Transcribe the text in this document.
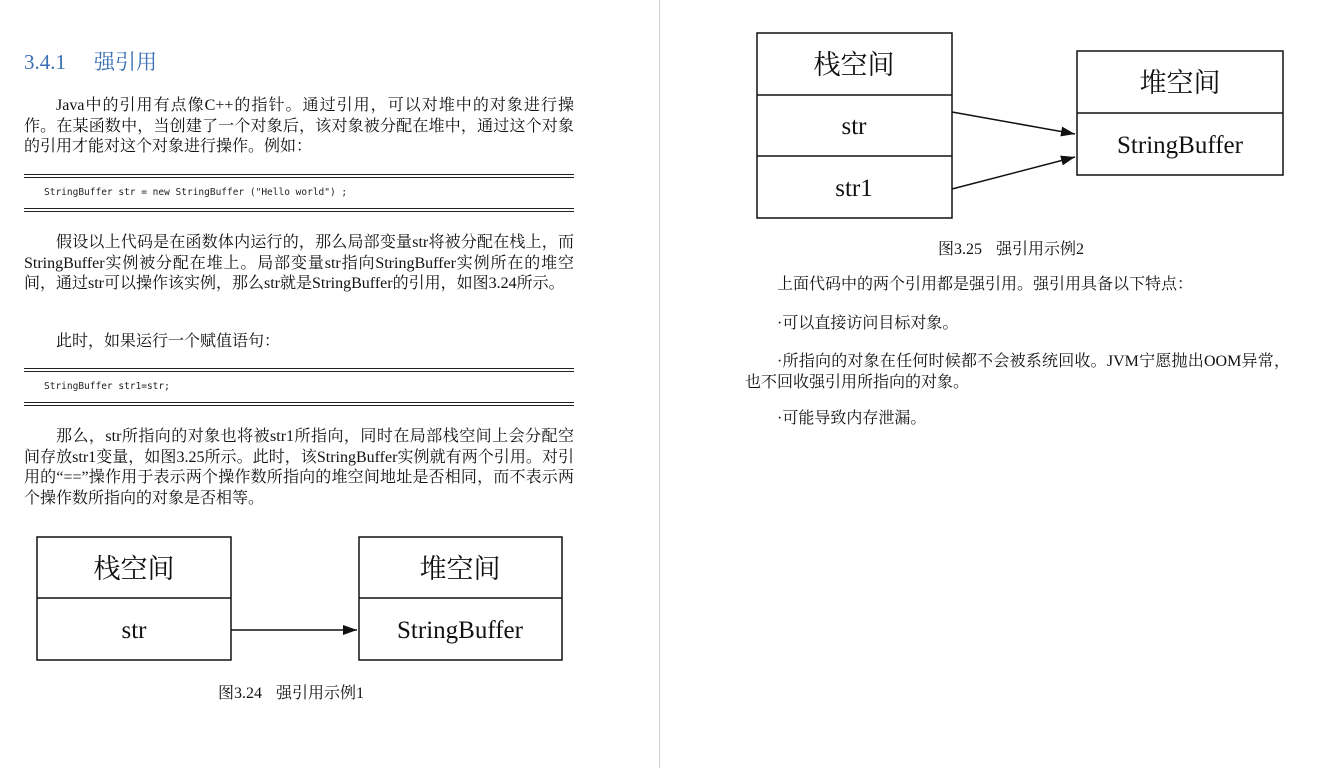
3.4.1 强引用

Java中的引用有点像C++的指针。通过引用，可以对堆中的对象进行操作。在某函数中，当创建了一个对象后，该对象被分配在堆中，通过这个对象的引用才能对这个对象进行操作。例如：

StringBuffer str = new StringBuffer ("Hello world") ;

假设以上代码是在函数体内运行的，那么局部变量str将被分配在栈上，而StringBuffer实例被分配在堆上。局部变量str指向StringBuffer实例所在的堆空间，通过str可以操作该实例，那么str就是StringBuffer的引用，如图3.24所示。

此时，如果运行一个赋值语句：

StringBuffer str1=str;

那么，str所指向的对象也将被str1所指向，同时在局部栈空间上会分配空间存放str1变量，如图3.25所示。此时，该StringBuffer实例就有两个引用。对引用的“==”操作用于表示两个操作数所指向的堆空间地址是否相同，而不表示两个操作数所指向的对象是否相等。

栈空间
str
堆空间
StringBuffer

图3.24 强引用示例1

栈空间
str
str1
堆空间
StringBuffer

图3.25 强引用示例2

上面代码中的两个引用都是强引用。强引用具备以下特点：

·可以直接访问目标对象。

·所指向的对象在任何时候都不会被系统回收。JVM宁愿抛出OOM异常，也不回收强引用所指向的对象。

·可能导致内存泄漏。
